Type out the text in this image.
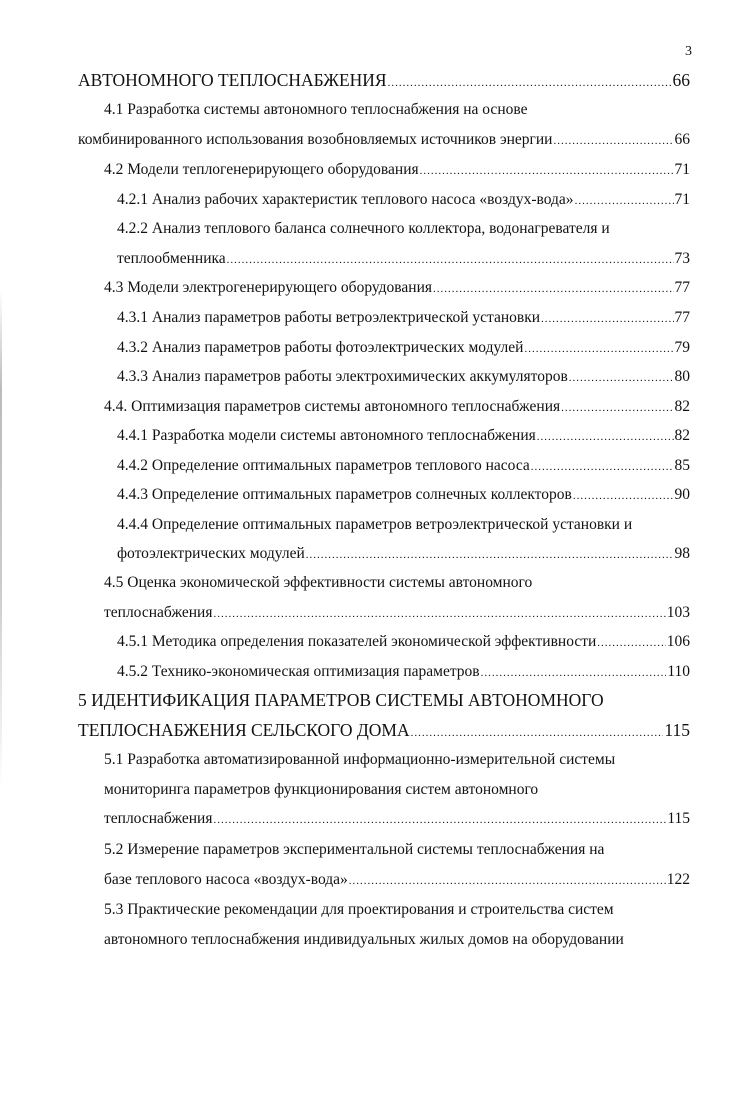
3
АВТОНОМНОГО ТЕПЛОСНАБЖЕНИЯ .....	66
4.1 Разработка системы автономного теплоснабжения на основе
комбинированного использования возобновляемых источников энергии .....	66
4.2 Модели теплогенерирующего оборудования .....	71
4.2.1 Анализ рабочих характеристик теплового насоса «воздух-вода» .....	71
4.2.2 Анализ теплового баланса солнечного коллектора, водонагревателя и
теплообменника .....	73
4.3 Модели электрогенерирующего оборудования .....	77
4.3.1 Анализ параметров работы ветроэлектрической установки .....	77
4.3.2 Анализ параметров работы фотоэлектрических модулей .....	79
4.3.3 Анализ параметров работы электрохимических аккумуляторов .....	80
4.4. Оптимизация параметров системы автономного теплоснабжения .....	82
4.4.1 Разработка модели системы автономного теплоснабжения .....	82
4.4.2 Определение оптимальных параметров теплового насоса .....	85
4.4.3 Определение оптимальных параметров солнечных коллекторов .....	90
4.4.4 Определение оптимальных параметров ветроэлектрической установки и
фотоэлектрических модулей .....	98
4.5 Оценка экономической эффективности системы автономного
теплоснабжения .....	103
4.5.1 Методика определения показателей экономической эффективности .....	106
4.5.2 Технико-экономическая оптимизация параметров .....	110
5 ИДЕНТИФИКАЦИЯ ПАРАМЕТРОВ СИСТЕМЫ АВТОНОМНОГО
ТЕПЛОСНАБЖЕНИЯ СЕЛЬСКОГО ДОМА .....	115
5.1 Разработка автоматизированной информационно-измерительной системы
мониторинга параметров функционирования систем автономного
теплоснабжения .....	115
5.2 Измерение параметров экспериментальной системы теплоснабжения на
базе теплового насоса «воздух-вода» .....	122
5.3 Практические рекомендации для проектирования и строительства систем
автономного теплоснабжения индивидуальных жилых домов на оборудовании
